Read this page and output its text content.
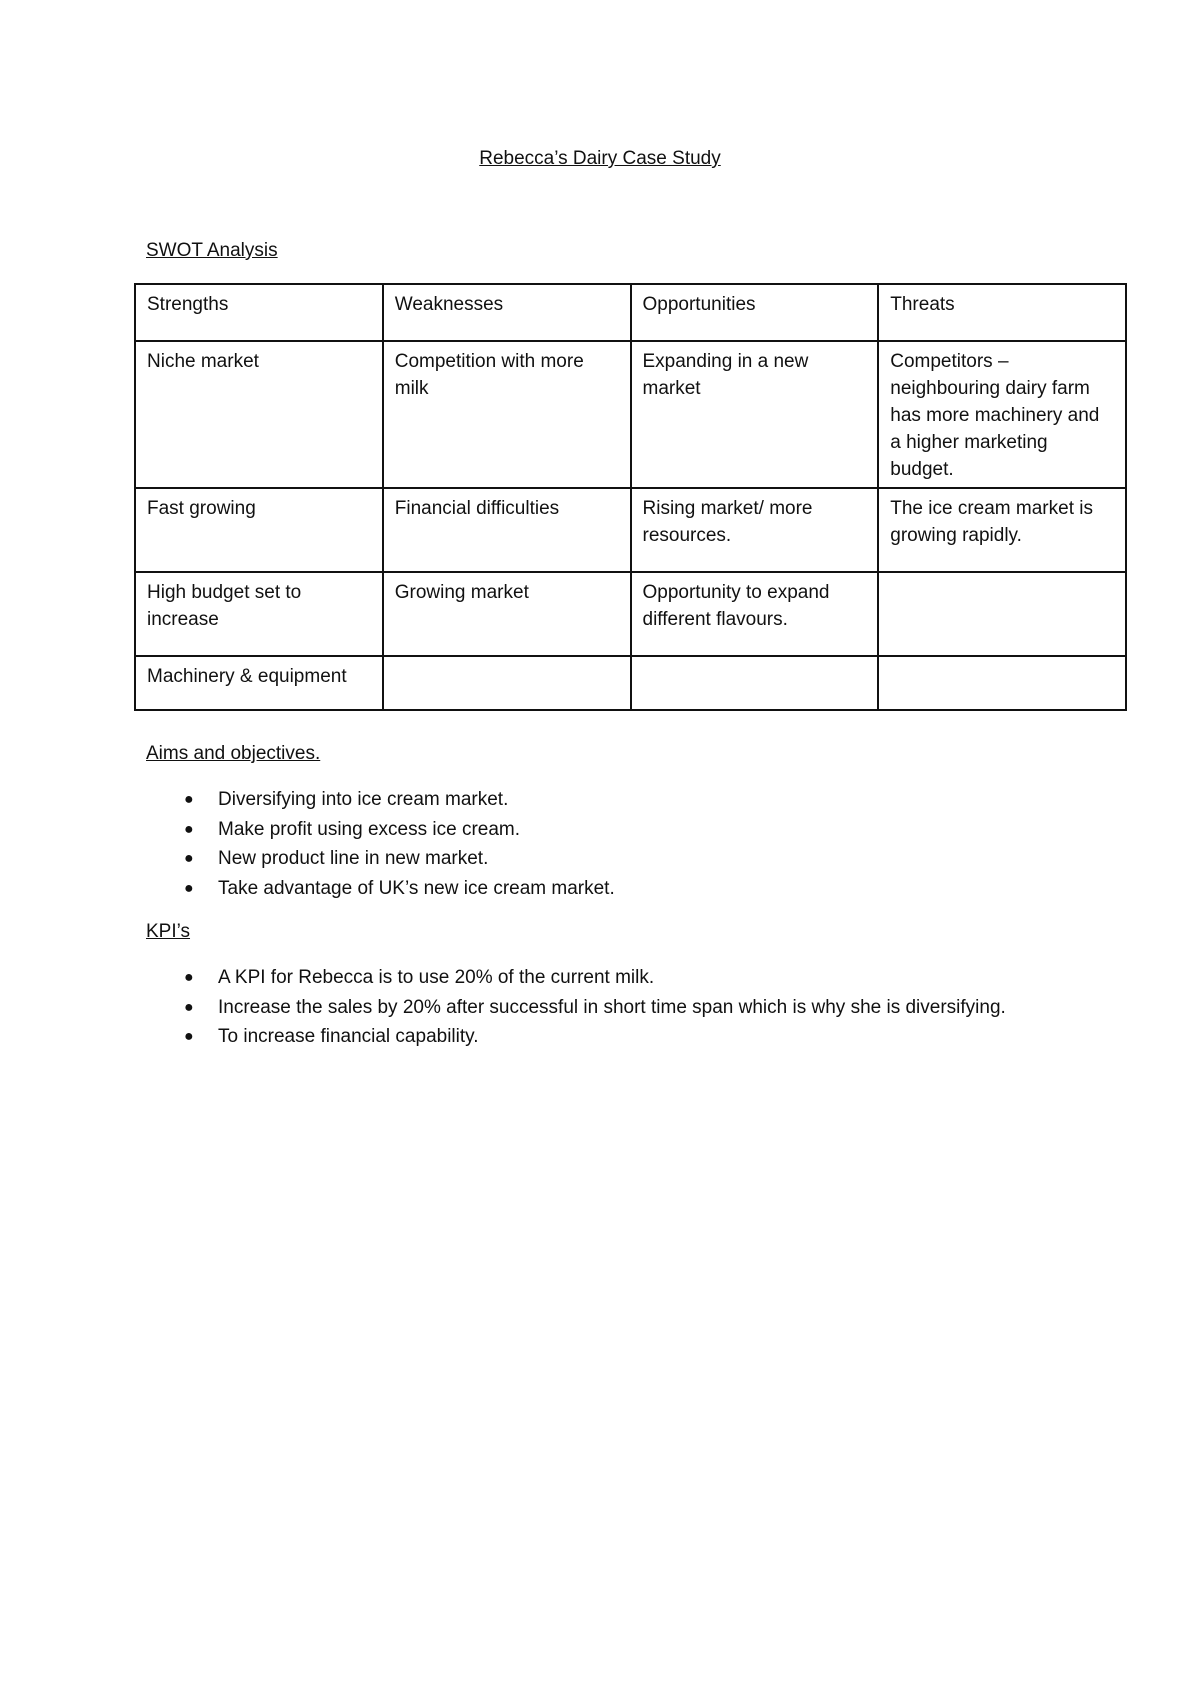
Rebecca’s Dairy Case Study
SWOT Analysis
Strengths	Weaknesses	Opportunities	Threats
Niche market	Competition with more milk	Expanding in a new market	Competitors – neighbouring dairy farm has more machinery and a higher marketing budget.
Fast growing	Financial difficulties	Rising market/ more resources.	The ice cream market is growing rapidly.
High budget set to increase	Growing market	Opportunity to expand different flavours.	
Machinery & equipment			
Aims and objectives.
● Diversifying into ice cream market.
● Make profit using excess ice cream.
● New product line in new market.
● Take advantage of UK’s new ice cream market.
KPI’s
● A KPI for Rebecca is to use 20% of the current milk.
● Increase the sales by 20% after successful in short time span which is why she is diversifying.
● To increase financial capability.
